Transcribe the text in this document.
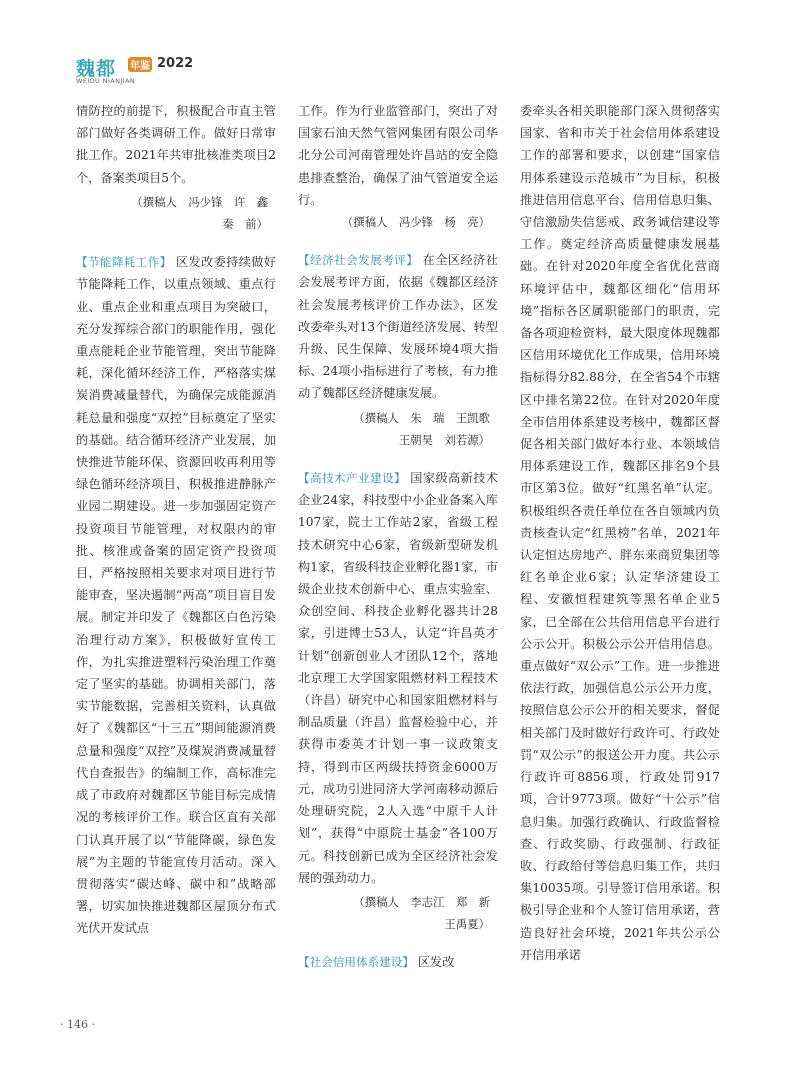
魏都 年鉴 2022
WEIDU NIANJIAN

情防控的前提下，积极配合市直主管部门做好各类调研工作。做好日常审批工作。2021年共审批核准类项目2个，备案类项目5个。

（撰稿人　冯少锋　许　鑫

秦　前）

【节能降耗工作】 区发改委持续做好节能降耗工作，以重点领域、重点行业、重点企业和重点项目为突破口，充分发挥综合部门的职能作用，强化重点能耗企业节能管理，突出节能降耗，深化循环经济工作，严格落实煤炭消费减量替代，为确保完成能源消耗总量和强度“双控”目标奠定了坚实的基础。结合循环经济产业发展，加快推进节能环保、资源回收再利用等绿色循环经济项目，积极推进静脉产业园二期建设。进一步加强固定资产投资项目节能管理，对权限内的审批、核准或备案的固定资产投资项目，严格按照相关要求对项目进行节能审查，坚决遏制“两高”项目盲目发展。制定并印发了《魏都区白色污染治理行动方案》，积极做好宣传工作，为扎实推进塑料污染治理工作奠定了坚实的基础。协调相关部门，落实节能数据，完善相关资料，认真做好了《魏都区“十三五”期间能源消费总量和强度“双控”及煤炭消费减量替代自查报告》的编制工作，高标准完成了市政府对魏都区节能目标完成情况的考核评价工作。联合区直有关部门认真开展了以“节能降碳，绿色发展”为主题的节能宣传月活动。深入贯彻落实“碳达峰、碳中和”战略部署，切实加快推进魏都区屋顶分布式光伏开发试点

工作。作为行业监管部门，突出了对国家石油天然气管网集团有限公司华北分公司河南管理处许昌站的安全隐患排查整治，确保了油气管道安全运行。

（撰稿人　冯少锋　杨　亮）

【经济社会发展考评】 在全区经济社会发展考评方面，依据《魏都区经济社会发展考核评价工作办法》，区发改委牵头对13个街道经济发展、转型升级、民生保障、发展环境4项大指标、24项小指标进行了考核，有力推动了魏都区经济健康发展。

（撰稿人　朱　瑞　王凯歌

王朝昊　刘若源）

【高技术产业建设】 国家级高新技术企业24家，科技型中小企业备案入库107家，院士工作站2家，省级工程技术研究中心6家，省级新型研发机构1家，省级科技企业孵化器1家，市级企业技术创新中心、重点实验室、众创空间、科技企业孵化器共计28家，引进博士53人，认定“许昌英才计划”创新创业人才团队12个，落地北京理工大学国家阻燃材料工程技术（许昌）研究中心和国家阻燃材料与制品质量（许昌）监督检验中心，并获得市委英才计划一事一议政策支持，得到市区两级扶持资金6000万元，成功引进同济大学河南移动源后处理研究院，2人入选“中原千人计划”，获得“中原院士基金”各100万元。科技创新已成为全区经济社会发展的强劲动力。

（撰稿人　李志江　郑　新

王禹夏）

【社会信用体系建设】 区发改

委牵头各相关职能部门深入贯彻落实国家、省和市关于社会信用体系建设工作的部署和要求，以创建“国家信用体系建设示范城市”为目标，积极推进信用信息平台、信用信息归集、守信激励失信惩戒、政务诚信建设等工作。奠定经济高质量健康发展基础。在针对2020年度全省优化营商环境评估中，魏都区细化“信用环境”指标各区属职能部门的职责，完备各项迎检资料，最大限度体现魏都区信用环境优化工作成果，信用环境指标得分82.88分，在全省54个市辖区中排名第22位。在针对2020年度全市信用体系建设考核中，魏都区督促各相关部门做好本行业、本领域信用体系建设工作，魏都区排名9个县市区第3位。做好“红黑名单”认定。积极组织各责任单位在各自领域内负责核查认定“红黑榜”名单，2021年认定恒达房地产、胖东来商贸集团等红名单企业6家；认定华济建设工程、安徽恒程建筑等黑名单企业5家，已全部在公共信用信息平台进行公示公开。积极公示公开信用信息。重点做好“双公示”工作。进一步推进依法行政，加强信息公示公开力度，按照信息公示公开的相关要求，督促相关部门及时做好行政许可、行政处罚“双公示”的报送公开力度。共公示行政许可8856项，行政处罚917项，合计9773项。做好“十公示”信息归集。加强行政确认、行政监督检查、行政奖励、行政强制、行政征收、行政给付等信息归集工作，共归集10035项。引导签订信用承诺。积极引导企业和个人签订信用承诺，营造良好社会环境，2021年共公示公开信用承诺

· 146 ·
